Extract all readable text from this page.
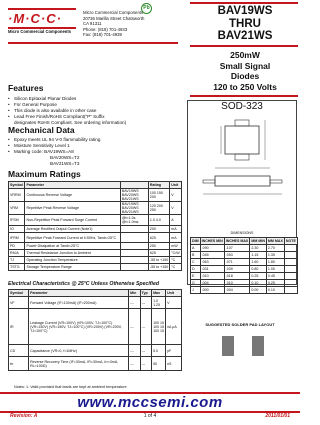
·M·C·C·
Micro Commercial Components
Micro Commercial Components
20736 Marilla Street Chatsworth
CA 91311
Phone: (818) 701-4933
Fax: (818) 701-4939
Pb	BAV19WS
THRU
BAV21WS
250mW
Small Signal
Diodes
120 to 250 Volts
Features
• Silicon Epitaxial Planar Diodes
• For General Purpose
• This diode is also available in other case
• Lead Free Finish/RoHS Compliant("P" Suffix
designates RoHS Compliant. See ordering information)
Mechanical Data
• Epoxy meets UL 94 V-0 flammability rating
• Moisture Sensitivity Level 1
• Marking code: BAV19WS=A8
BAV20WS=T2
BAV21WS=T3
SOD-323
DIMENSIONS
DIM	INCHES MIN	INCHES MAX	MM MIN	MM MAX	NOTE
A	.090	.107	2.30	2.70	
B	.045	.053	1.15	1.35	
C	.063	.071	1.60	1.80	
D	.031	.039	0.80	1.00	
E	.010	.018	0.25	0.45	
G	.004	.010	0.10	0.25	
J	.000	.004	0.00	0.10	
SUGGESTED SOLDER PAD LAYOUT
Maximum Ratings
Symbol	Parameter		Rating	Unit
VRRM	Continuous Reverse Voltage	BAV19WS BAV20WS BAV21WS	100 150 200	V
VRM	Repetitive Peak Reverse Voltage	BAV19WS BAV20WS BAV21WS	120 200 250	V
IFSM	Non-Repetitive Peak Forward Surge Current	@t<1.0s @t<1.0ms	1.0 4.0	A
IO	Average Rectified Output Current (Note1)		200	mA
IFRM	Repetitive Peak Forward Current at f=50Hz, Tamb=25°C		625	mA
PD	Power Dissipation at Tamb=25°C		250	mW
RθJA	Thermal Resistance Junction to Ambient		625	°C/W
TJ	Operating Junction Temperature		-55 to +150	°C
TSTG	Storage Temperature Range		-55 to +150	°C
Electrical Characteristics @ 25°C Unless Otherwise Specified
Symbol	Parameter	Min	Typ	Max	Unit
VF	Forward Voltage (IF=100mA) (IF=200mA)	---	---	1.0 1.25	V
IR	Leakage Current (VR=100V) (VR=100V, TJ=100°C) (VR=150V) (VR=150V, TJ=100°C) (VR=200V) (VR=200V, TJ=100°C)	---	---	100 15 100 15 100 15	nA μA
CD	Capacitance (VR=0, f=1MHz)	---	---	5.0	pF
trr	Reverse Recovery Time (IF=30mA, IR=30mA, Irr=3mA, RL=100Ω)	---	---	50	nS
Notes: 1. Valid provided that leads are kept at ambient temperature
www.mccsemi.com
Revision: A	1 of 4	2011/01/01
